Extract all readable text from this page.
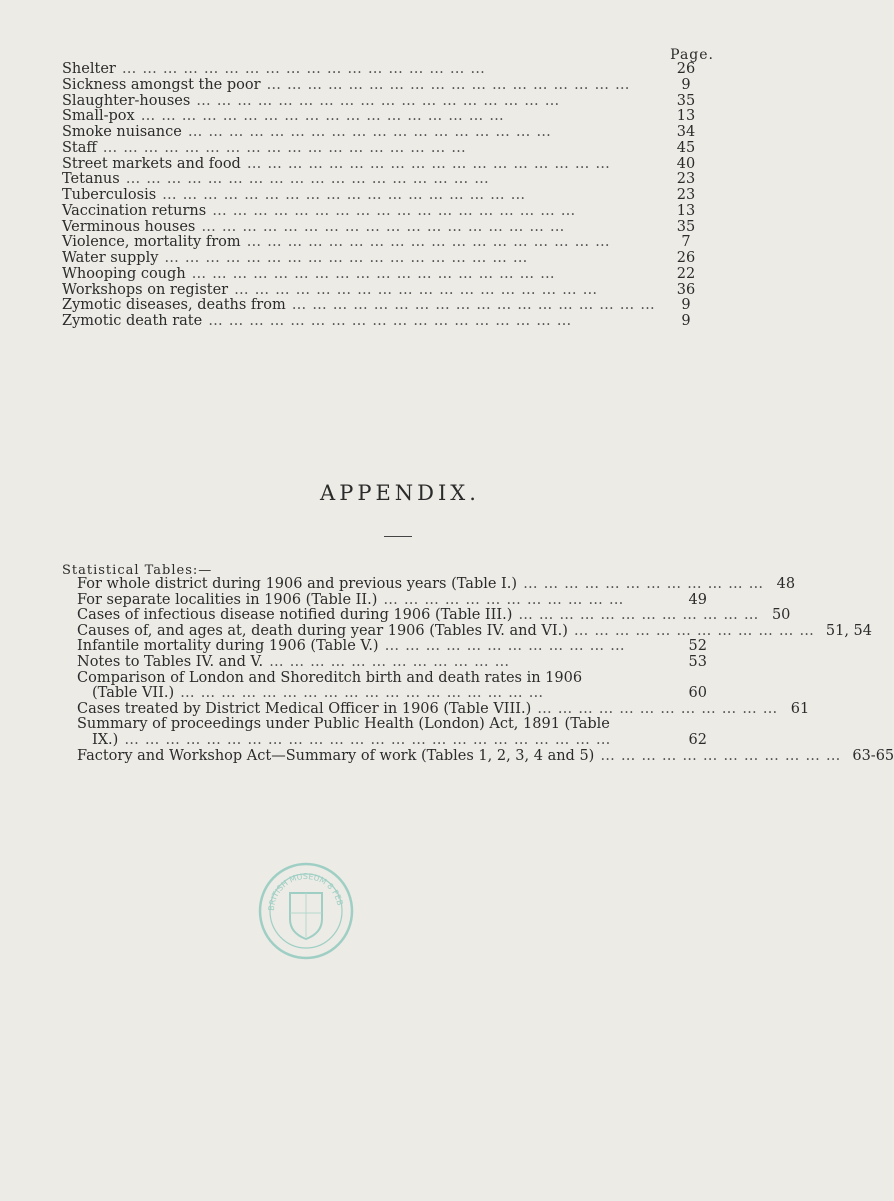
Page.
Shelter ………………………………………………	26
Sickness amongst the poor ………………………………………………	9
Slaughter-houses ………………………………………………	35
Small-pox ………………………………………………	13
Smoke nuisance ………………………………………………	34
Staff ………………………………………………	45
Street markets and food ………………………………………………	40
Tetanus ………………………………………………	23
Tuberculosis ………………………………………………	23
Vaccination returns ………………………………………………	13
Verminous houses ………………………………………………	35
Violence, mortality from ………………………………………………	7
Water supply ………………………………………………	26
Whooping cough ………………………………………………	22
Workshops on register ………………………………………………	36
Zymotic diseases, deaths from ………………………………………………	9
Zymotic death rate ………………………………………………	9
APPENDIX.
Statistical Tables:—
For whole district during 1906 and previous years (Table I.) ……………………………… 48
For separate localities in 1906 (Table II.) ………………………………	49
Cases of infectious disease notified during 1906 (Table III.) ……………………………… 50
Causes of, and ages at, death during year 1906 (Tables IV. and VI.) ……………………………… 51, 54
Infantile mortality during 1906 (Table V.) ………………………………	52
Notes to Tables IV. and V. ………………………………	53
Comparison of London and Shoreditch birth and death rates in 1906
(Table VII.) ………………………………………………	60
Cases treated by District Medical Officer in 1906 (Table VIII.) ……………………………… 61
Summary of proceedings under Public Health (London) Act, 1891 (Table
IX.) ………………………………………………………………	62
Factory and Workshop Act—Summary of work (Tables 1, 2, 3, 4 and 5) ……………………………… 63-65
BRITISH MUSEUM 8 FEB
